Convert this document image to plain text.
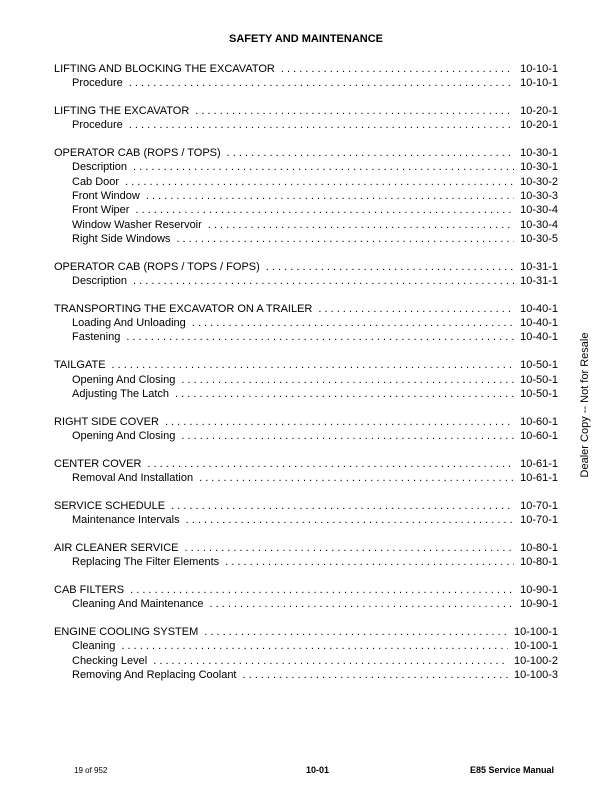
SAFETY AND MAINTENANCE
LIFTING AND BLOCKING THE EXCAVATOR . . .	10-10-1
Procedure . . .	10-10-1
LIFTING THE EXCAVATOR . . .	10-20-1
Procedure . . .	10-20-1
OPERATOR CAB (ROPS / TOPS) . . .	10-30-1
Description . . .	10-30-1
Cab Door . . .	10-30-2
Front Window . . .	10-30-3
Front Wiper . . .	10-30-4
Window Washer Reservoir . . .	10-30-4
Right Side Windows . . .	10-30-5
OPERATOR CAB (ROPS / TOPS / FOPS) . . .	10-31-1
Description . . .	10-31-1
TRANSPORTING THE EXCAVATOR ON A TRAILER . . .	10-40-1
Loading And Unloading . . .	10-40-1
Fastening . . .	10-40-1
TAILGATE . . .	10-50-1
Opening And Closing . . .	10-50-1
Adjusting The Latch . . .	10-50-1
RIGHT SIDE COVER . . .	10-60-1
Opening And Closing . . .	10-60-1
CENTER COVER . . .	10-61-1
Removal And Installation . . .	10-61-1
SERVICE SCHEDULE . . .	10-70-1
Maintenance Intervals . . .	10-70-1
AIR CLEANER SERVICE . . .	10-80-1
Replacing The Filter Elements . . .	10-80-1
CAB FILTERS . . .	10-90-1
Cleaning And Maintenance . . .	10-90-1
ENGINE COOLING SYSTEM . . .	10-100-1
Cleaning . . .	10-100-1
Checking Level . . .	10-100-2
Removing And Replacing Coolant . . .	10-100-3
Dealer Copy -- Not for Resale
19 of 952	10-01	E85 Service Manual
